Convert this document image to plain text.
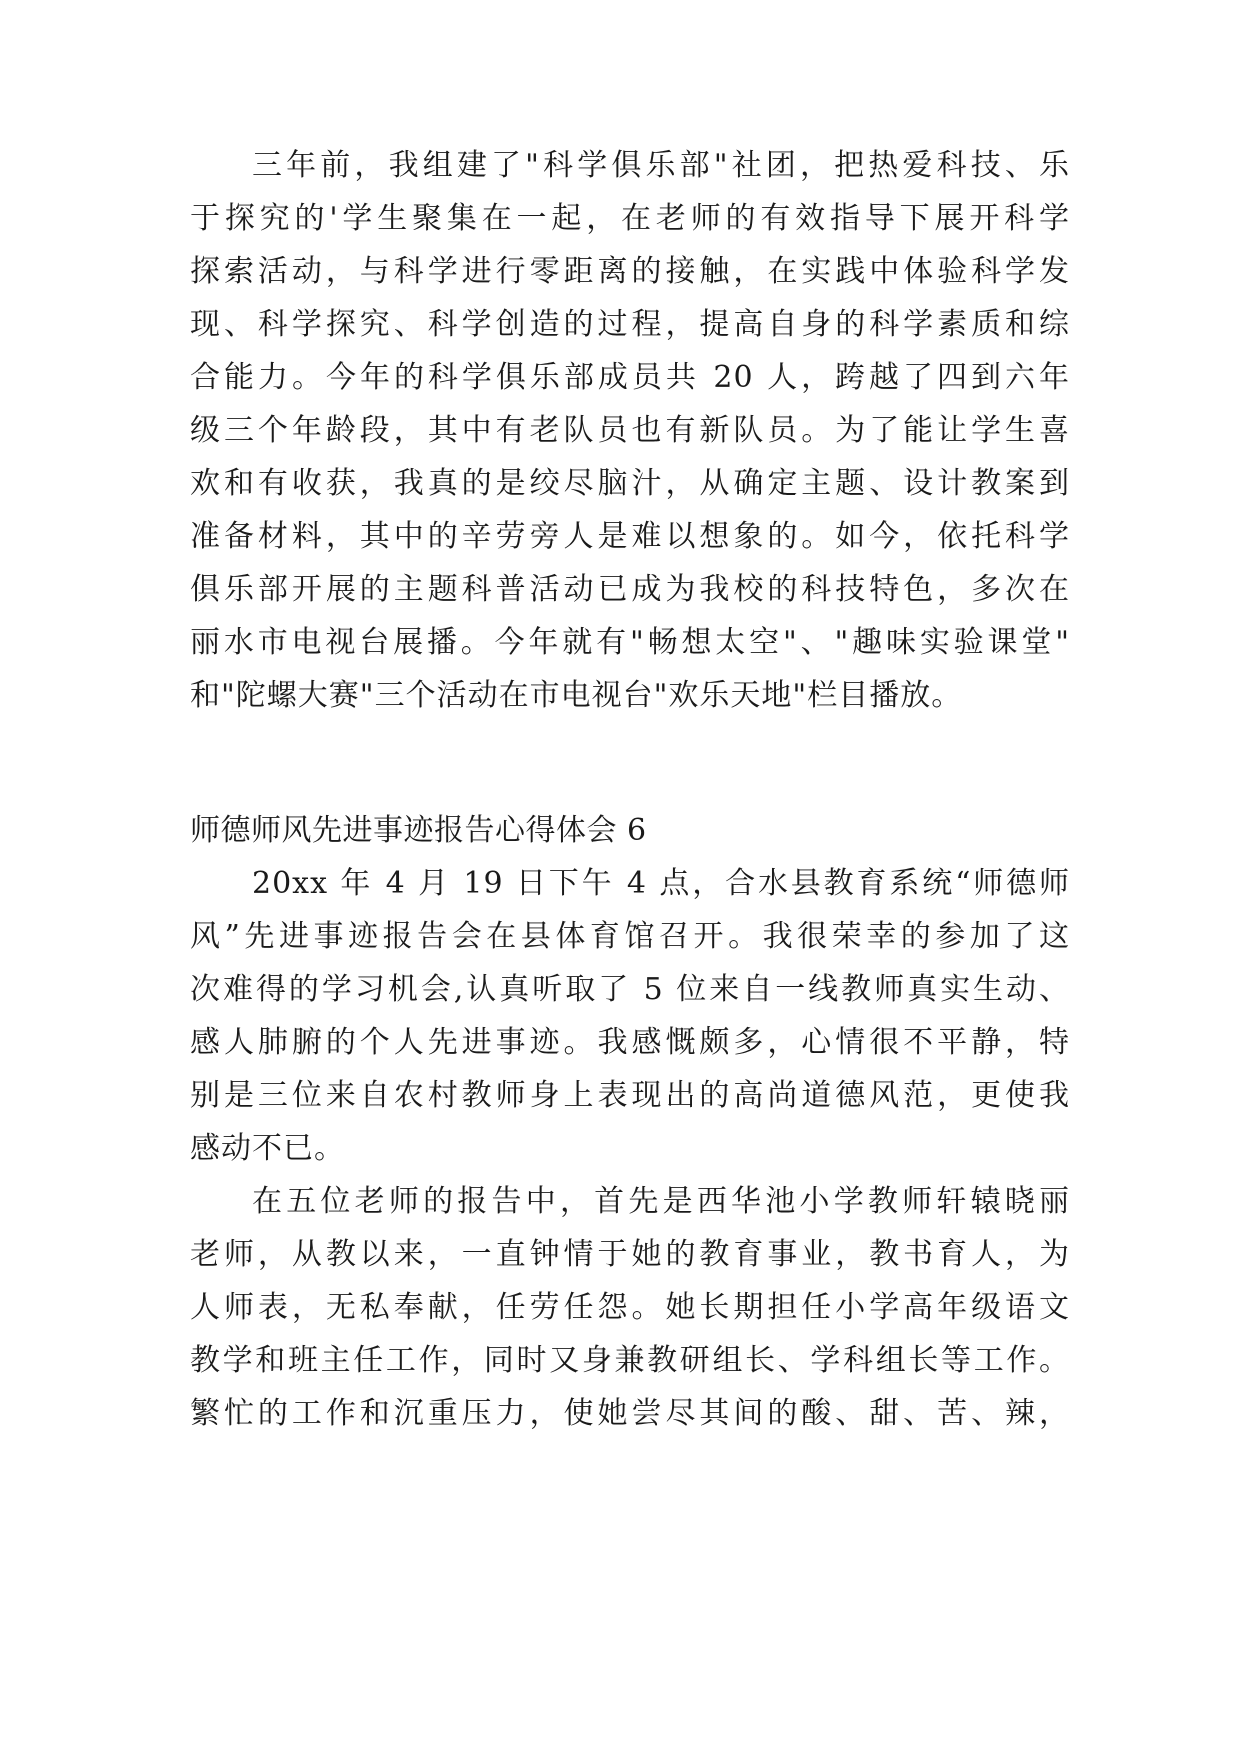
三年前，我组建了"科学俱乐部"社团，把热爱科技、乐
于探究的'学生聚集在一起，在老师的有效指导下展开科学
探索活动，与科学进行零距离的接触，在实践中体验科学发
现、科学探究、科学创造的过程，提高自身的科学素质和综
合能力。今年的科学俱乐部成员共 20 人，跨越了四到六年
级三个年龄段，其中有老队员也有新队员。为了能让学生喜
欢和有收获，我真的是绞尽脑汁，从确定主题、设计教案到
准备材料，其中的辛劳旁人是难以想象的。如今，依托科学
俱乐部开展的主题科普活动已成为我校的科技特色，多次在
丽水市电视台展播。今年就有"畅想太空"、"趣味实验课堂"
和"陀螺大赛"三个活动在市电视台"欢乐天地"栏目播放。
师德师风先进事迹报告心得体会 6
20xx 年 4 月 19 日下午 4 点，合水县教育系统“师德师
风”先进事迹报告会在县体育馆召开。我很荣幸的参加了这
次难得的学习机会,认真听取了 5 位来自一线教师真实生动、
感人肺腑的个人先进事迹。我感慨颇多，心情很不平静，特
别是三位来自农村教师身上表现出的高尚道德风范，更使我
感动不已。
在五位老师的报告中，首先是西华池小学教师轩辕晓丽
老师，从教以来，一直钟情于她的教育事业，教书育人，为
人师表，无私奉献，任劳任怨。她长期担任小学高年级语文
教学和班主任工作，同时又身兼教研组长、学科组长等工作。
繁忙的工作和沉重压力，使她尝尽其间的酸、甜、苦、辣，
